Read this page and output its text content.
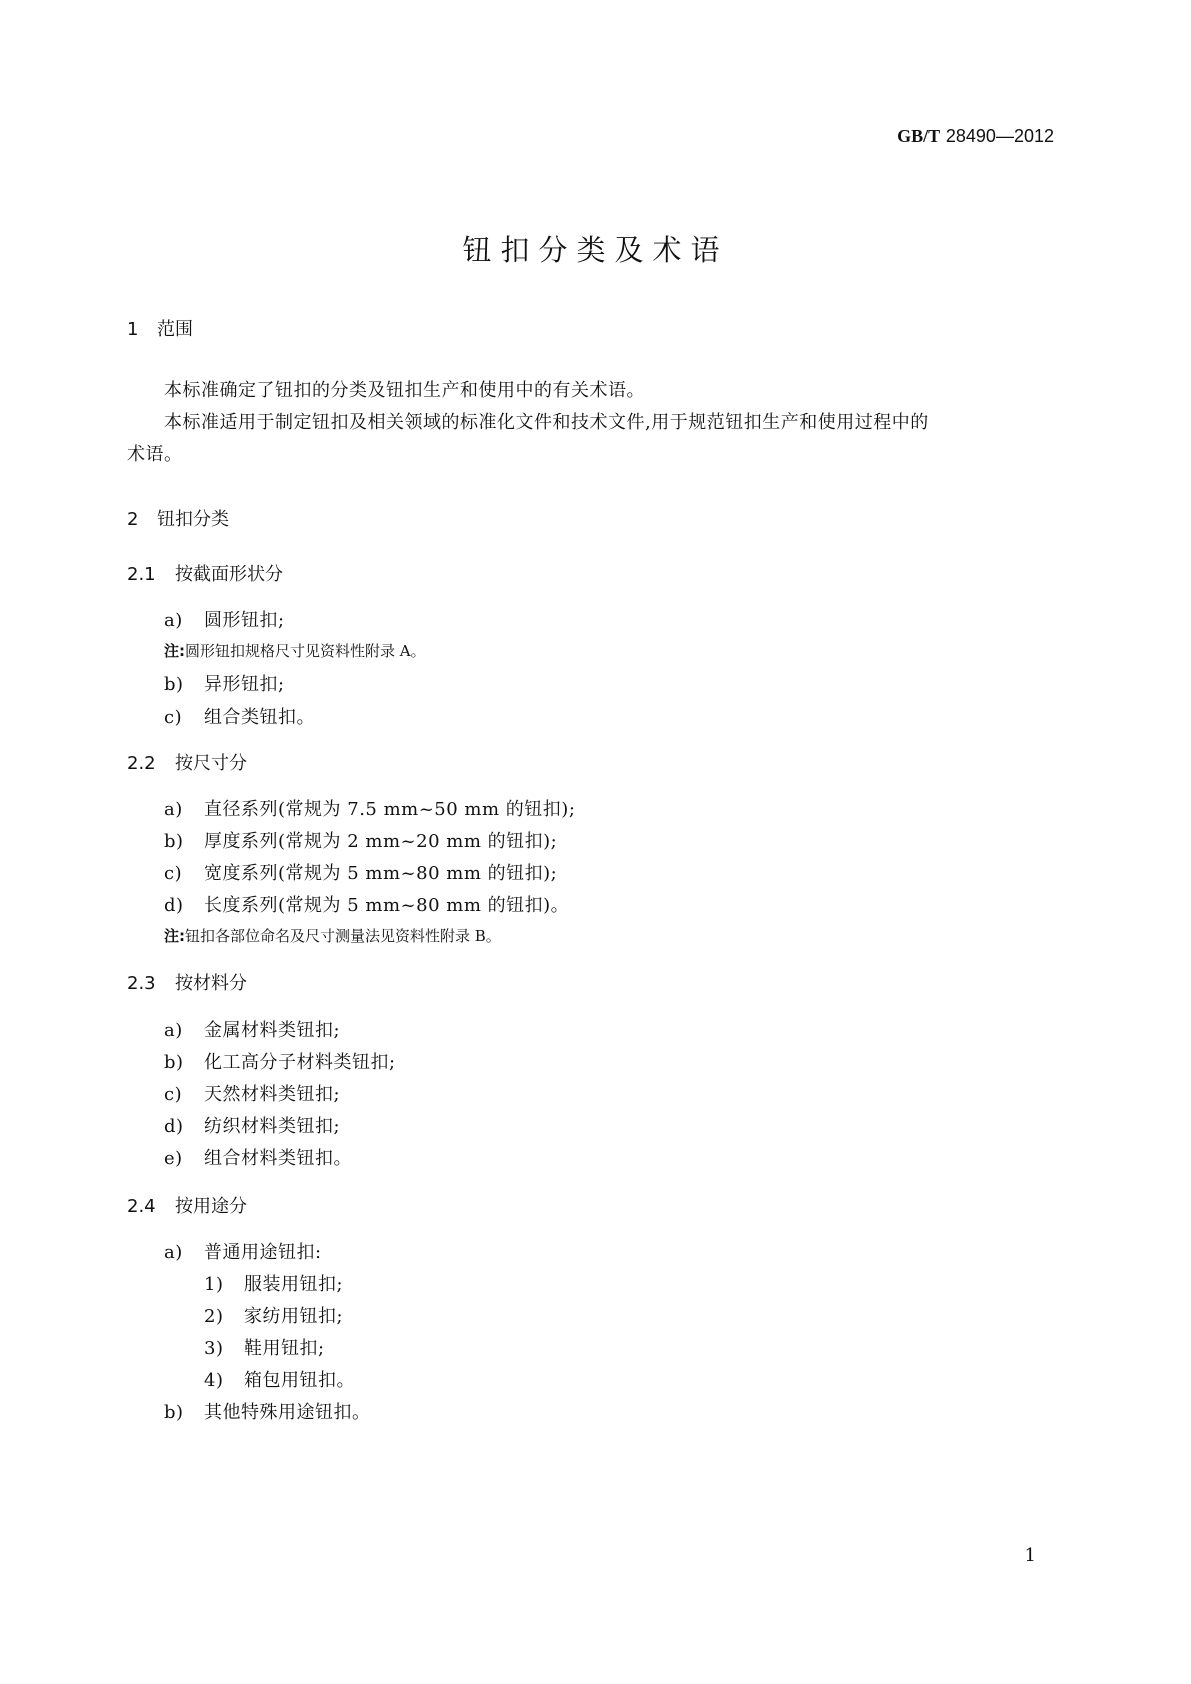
GB/T 28490—2012
钮扣分类及术语
1 范围
本标准确定了钮扣的分类及钮扣生产和使用中的有关术语。
本标准适用于制定钮扣及相关领域的标准化文件和技术文件,用于规范钮扣生产和使用过程中的
术语。
2 钮扣分类
2.1 按截面形状分
a) 圆形钮扣;
注:圆形钮扣规格尺寸见资料性附录 A。
b) 异形钮扣;
c) 组合类钮扣。
2.2 按尺寸分
a) 直径系列(常规为 7.5 mm~50 mm 的钮扣);
b) 厚度系列(常规为 2 mm~20 mm 的钮扣);
c) 宽度系列(常规为 5 mm~80 mm 的钮扣);
d) 长度系列(常规为 5 mm~80 mm 的钮扣)。
注:钮扣各部位命名及尺寸测量法见资料性附录 B。
2.3 按材料分
a) 金属材料类钮扣;
b) 化工高分子材料类钮扣;
c) 天然材料类钮扣;
d) 纺织材料类钮扣;
e) 组合材料类钮扣。
2.4 按用途分
a) 普通用途钮扣:
1) 服装用钮扣;
2) 家纺用钮扣;
3) 鞋用钮扣;
4) 箱包用钮扣。
b) 其他特殊用途钮扣。
1
